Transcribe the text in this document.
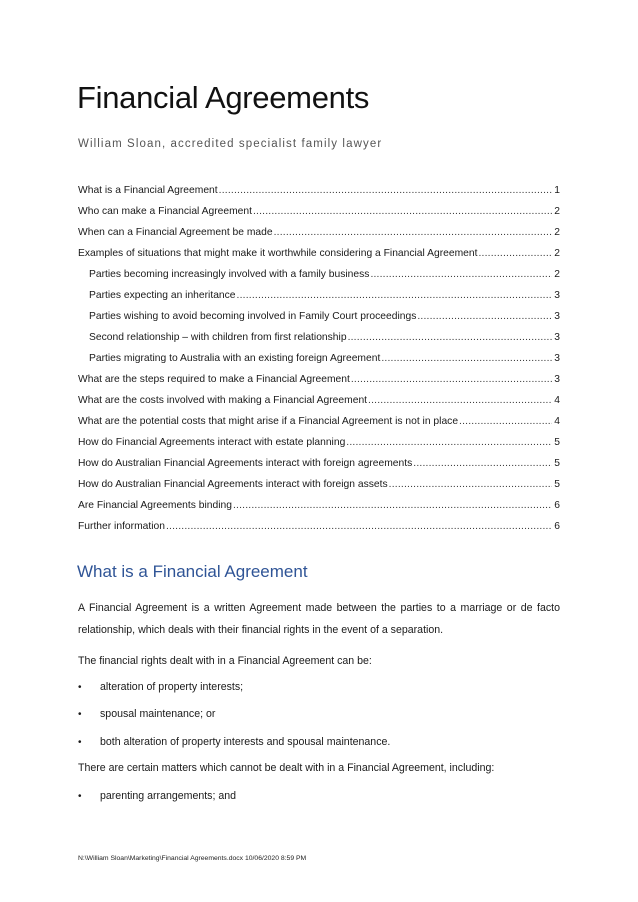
Financial Agreements
William Sloan, accredited specialist family lawyer
What is a Financial Agreement .....	1
Who can make a Financial Agreement .....	2
When can a Financial Agreement be made .....	2
Examples of situations that might make it worthwhile considering a Financial Agreement .....	2
Parties becoming increasingly involved with a family business .....	2
Parties expecting an inheritance .....	3
Parties wishing to avoid becoming involved in Family Court proceedings .....	3
Second relationship – with children from first relationship .....	3
Parties migrating to Australia with an existing foreign Agreement .....	3
What are the steps required to make a Financial Agreement .....	3
What are the costs involved with making a Financial Agreement .....	4
What are the potential costs that might arise if a Financial Agreement is not in place .....	4
How do Financial Agreements interact with estate planning .....	5
How do Australian Financial Agreements interact with foreign agreements .....	5
How do Australian Financial Agreements interact with foreign assets .....	5
Are Financial Agreements binding .....	6
Further information .....	6
What is a Financial Agreement
A Financial Agreement is a written Agreement made between the parties to a marriage or de facto relationship, which deals with their financial rights in the event of a separation.
The financial rights dealt with in a Financial Agreement can be:
• alteration of property interests;
• spousal maintenance; or
• both alteration of property interests and spousal maintenance.
There are certain matters which cannot be dealt with in a Financial Agreement, including:
• parenting arrangements; and
N:\William Sloan\Marketing\Financial Agreements.docx 10/06/2020 8:59 PM
